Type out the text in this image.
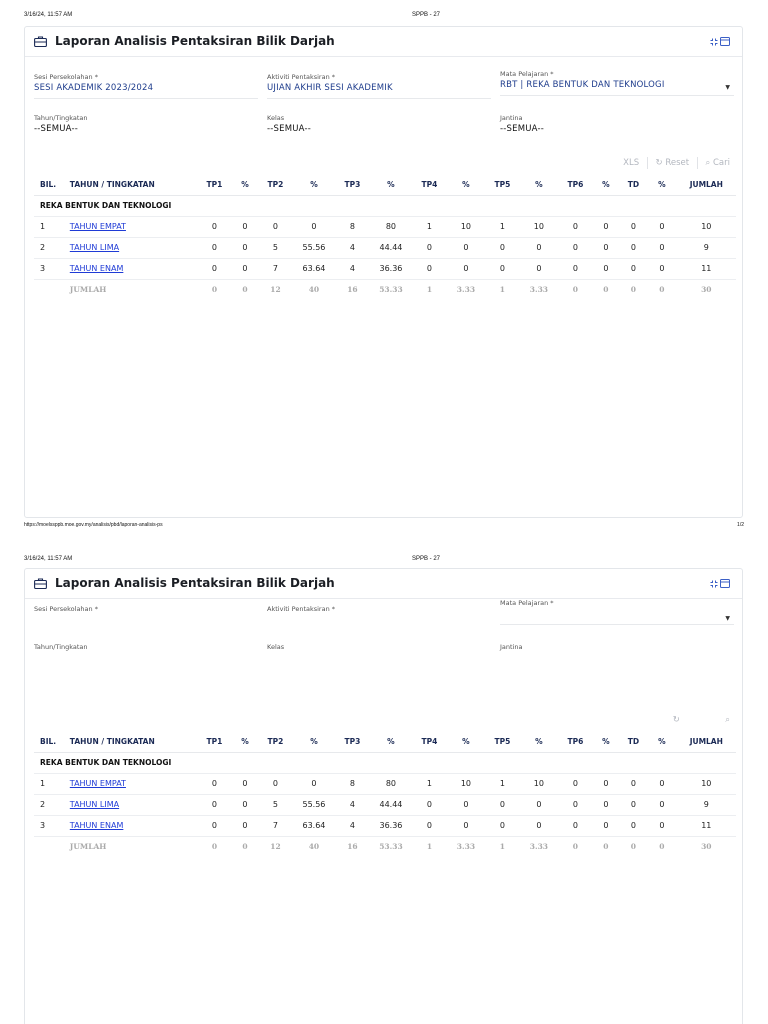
3/16/24, 11:57 AM	SPPB - 27
Laporan Analisis Pentaksiran Bilik Darjah
Sesi Persekolahan *
SESI AKADEMIK 2023/2024
Aktiviti Pentaksiran *
UJIAN AKHIR SESI AKADEMIK
Mata Pelajaran *
RBT | REKA BENTUK DAN TEKNOLOGI	▼
Tahun/Tingkatan
--SEMUA--
Kelas
--SEMUA--
Jantina
--SEMUA--
XLS ↻ Reset ⌕ Cari
BIL.	TAHUN / TINGKATAN	TP1	%	TP2	%	TP3	%	TP4	%	TP5	%	TP6	%	TD	%	JUMLAH
REKA BENTUK DAN TEKNOLOGI																
1	TAHUN EMPAT	0	0	0	0	8	80	1	10	1	10	0	0	0	0	10
2	TAHUN LIMA	0	0	5	55.56	4	44.44	0	0	0	0	0	0	0	0	9
3	TAHUN ENAM	0	0	7	63.64	4	36.36	0	0	0	0	0	0	0	0	11
	JUMLAH	0	0	12	40	16	53.33	1	3.33	1	3.33	0	0	0	0	30
https://moelssppb.moe.gov.my/analisis/pbd/laporan-analisis-ps	1/2
3/16/24, 11:57 AM	SPPB - 27
Laporan Analisis Pentaksiran Bilik Darjah
Sesi Persekolahan *	Aktiviti Pentaksiran *
Mata Pelajaran *
▼
Tahun/Tingkatan	Kelas	Jantina
↻	⌕
BIL.	TAHUN / TINGKATAN	TP1	%	TP2	%	TP3	%	TP4	%	TP5	%	TP6	%	TD	%	JUMLAH
REKA BENTUK DAN TEKNOLOGI																
1	TAHUN EMPAT	0	0	0	0	8	80	1	10	1	10	0	0	0	0	10
2	TAHUN LIMA	0	0	5	55.56	4	44.44	0	0	0	0	0	0	0	0	9
3	TAHUN ENAM	0	0	7	63.64	4	36.36	0	0	0	0	0	0	0	0	11
	JUMLAH	0	0	12	40	16	53.33	1	3.33	1	3.33	0	0	0	0	30
